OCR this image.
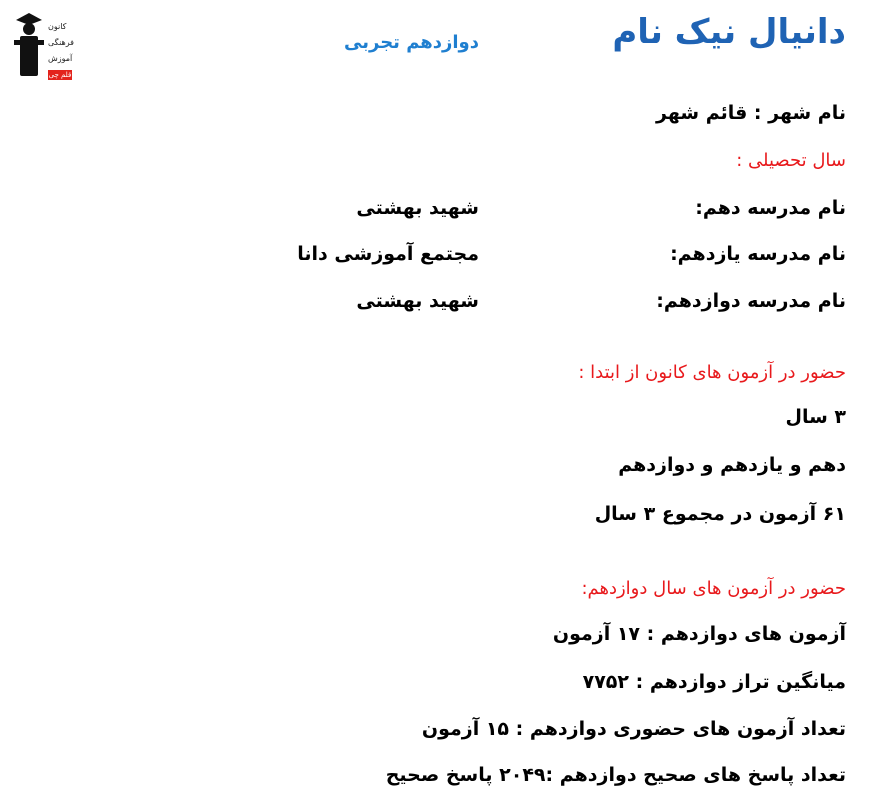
کانون
فرهنگی
آموزش
قلم چی
دانیال نیک نام
دوازدهم تجربی
نام شهر : قائم شهر
سال تحصیلی :
نام مدرسه دهم:
شهید بهشتی
نام مدرسه یازدهم:
مجتمع آموزشی دانا
نام مدرسه دوازدهم:
شهید بهشتی
حضور در آزمون های کانون از ابتدا :
۳ سال
دهم و یازدهم و دوازدهم
۶۱ آزمون در مجموع ۳ سال
حضور در آزمون های سال دوازدهم:
آزمون های دوازدهم : ۱۷ آزمون
میانگین تراز دوازدهم : ۷۷۵۲
تعداد آزمون های حضوری دوازدهم : ۱۵ آزمون
تعداد پاسخ های صحیح دوازدهم :۲۰۴۹ پاسخ صحیح
